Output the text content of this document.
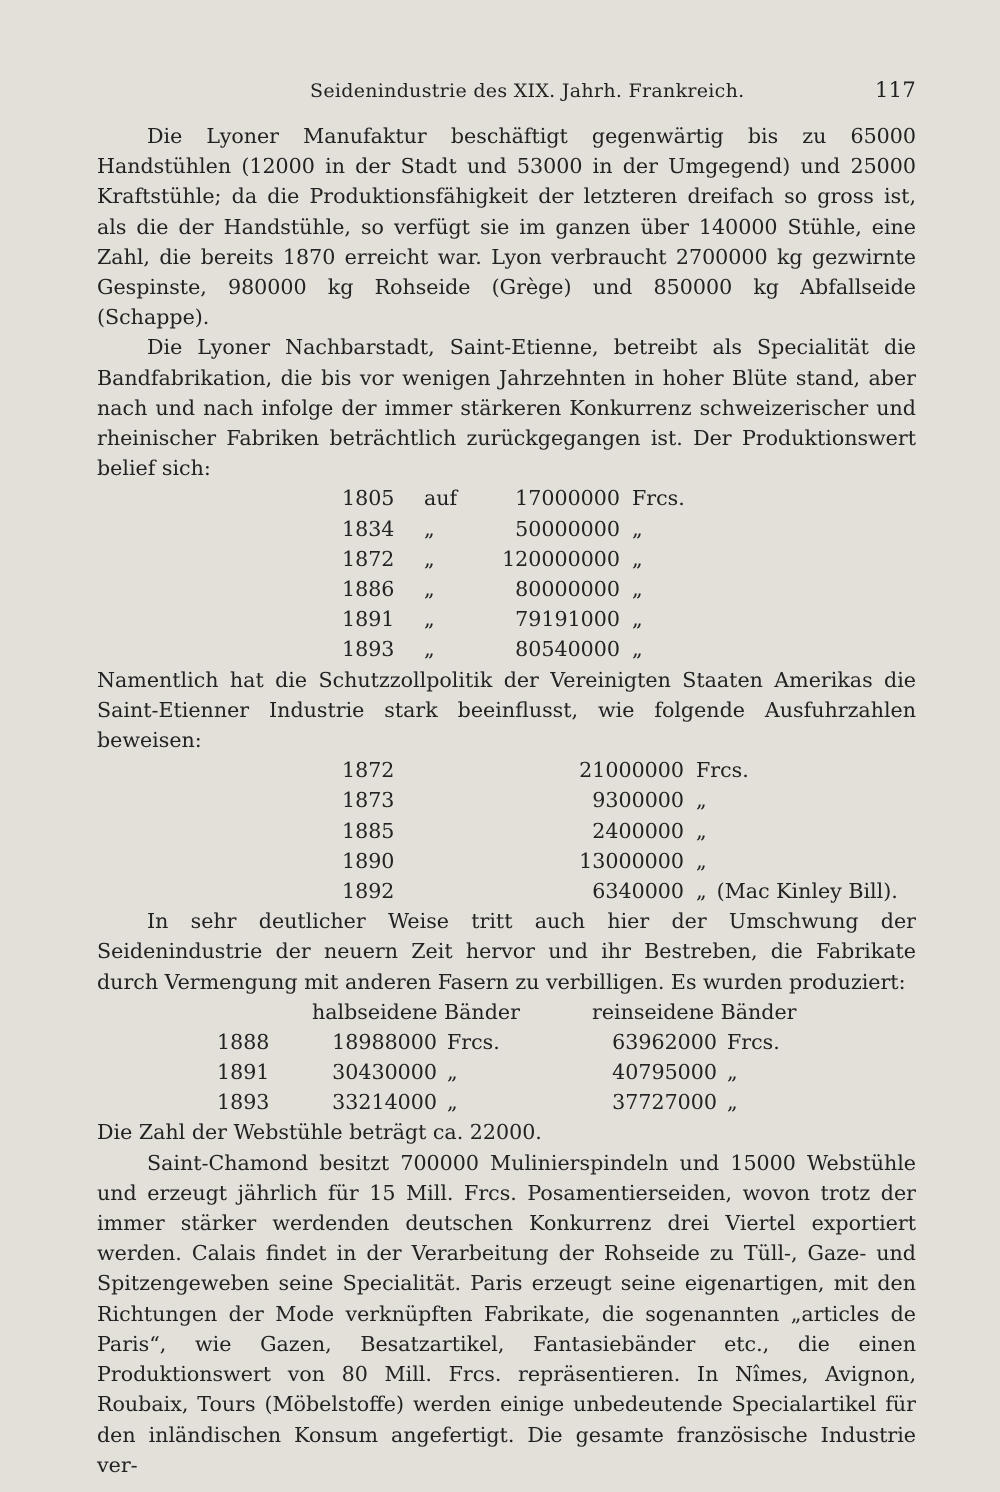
Seidenindustrie des XIX. Jahrh. Frankreich.	117

Die Lyoner Manufaktur beschäftigt gegenwärtig bis zu 65000 Handstühlen (12000 in der Stadt und 53000 in der Umgegend) und 25000 Kraftstühle; da die Produktionsfähigkeit der letzteren dreifach so gross ist, als die der Handstühle, so verfügt sie im ganzen über 140000 Stühle, eine Zahl, die bereits 1870 erreicht war. Lyon verbraucht 2700000 kg gezwirnte Gespinste, 980000 kg Rohseide (Grège) und 850000 kg Abfallseide (Schappe).

Die Lyoner Nachbarstadt, Saint-Etienne, betreibt als Specialität die Bandfabrikation, die bis vor wenigen Jahrzehnten in hoher Blüte stand, aber nach und nach infolge der immer stärkeren Konkurrenz schweizerischer und rheinischer Fabriken beträchtlich zurückgegangen ist. Der Produktionswert belief sich:

1805	auf	17000000 Frcs.
1834	„	50000000 „
1872	„	120000000 „
1886	„	80000000 „
1891	„	79191000 „
1893	„	80540000 „

Namentlich hat die Schutzzollpolitik der Vereinigten Staaten Amerikas die Saint-Etienner Industrie stark beeinflusst, wie folgende Ausfuhrzahlen beweisen:

1872	21000000 Frcs.
1873	9300000 „
1885	2400000 „
1890	13000000 „
1892	6340000 „ (Mac Kinley Bill).

In sehr deutlicher Weise tritt auch hier der Umschwung der Seidenindustrie der neuern Zeit hervor und ihr Bestreben, die Fabrikate durch Vermengung mit anderen Fasern zu verbilligen. Es wurden produziert:

halbseidene Bänder	reinseidene Bänder
1888	18988000 Frcs.	63962000 Frcs.
1891	30430000 „	40795000 „
1893	33214000 „	37727000 „

Die Zahl der Webstühle beträgt ca. 22000.

Saint-Chamond besitzt 700000 Mulinierspindeln und 15000 Webstühle und erzeugt jährlich für 15 Mill. Frcs. Posamentierseiden, wovon trotz der immer stärker werdenden deutschen Konkurrenz drei Viertel exportiert werden. Calais findet in der Verarbeitung der Rohseide zu Tüll-, Gaze- und Spitzengeweben seine Specialität. Paris erzeugt seine eigenartigen, mit den Richtungen der Mode verknüpften Fabrikate, die sogenannten „articles de Paris“, wie Gazen, Besatzartikel, Fantasiebänder etc., die einen Produktionswert von 80 Mill. Frcs. repräsentieren. In Nîmes, Avignon, Roubaix, Tours (Möbelstoffe) werden einige unbedeutende Specialartikel für den inländischen Konsum angefertigt. Die gesamte französische Industrie ver-
